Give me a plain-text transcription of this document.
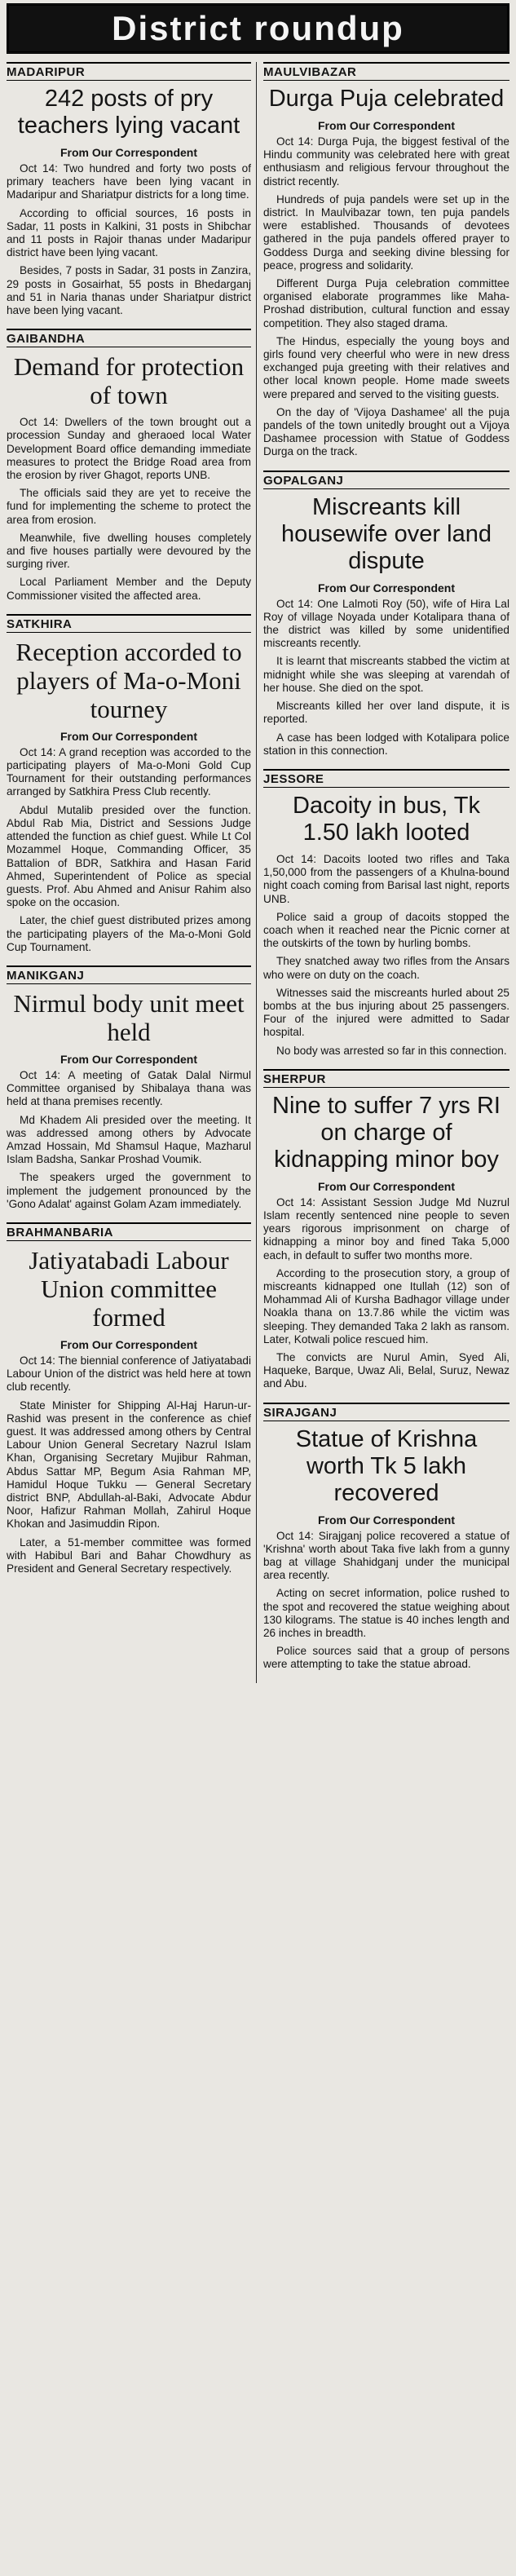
District roundup
MADARIPUR
242 posts of pry teachers lying vacant
From Our Correspondent

Oct 14: Two hundred and forty two posts of primary teachers have been lying vacant in Madaripur and Shariatpur districts for a long time.

According to official sources, 16 posts in Sadar, 11 posts in Kalkini, 31 posts in Shibchar and 11 posts in Rajoir thanas under Madaripur district have been lying vacant.

Besides, 7 posts in Sadar, 31 posts in Zanzira, 29 posts in Gosairhat, 55 posts in Bhedarganj and 51 in Naria thanas under Shariatpur district have been lying vacant.

GAIBANDHA
Demand for protection of town

Oct 14: Dwellers of the town brought out a procession Sunday and gheraoed local Water Development Board office demanding immediate measures to protect the Bridge Road area from the erosion by river Ghagot, reports UNB.

The officials said they are yet to receive the fund for implementing the scheme to protect the area from erosion.

Meanwhile, five dwelling houses completely and five houses partially were devoured by the surging river.

Local Parliament Member and the Deputy Commissioner visited the affected area.

SATKHIRA
Reception accorded to players of Ma-o-Moni tourney
From Our Correspondent

Oct 14: A grand reception was accorded to the participating players of Ma-o-Moni Gold Cup Tournament for their outstanding performances arranged by Satkhira Press Club recently.

Abdul Mutalib presided over the function. Abdul Rab Mia, District and Sessions Judge attended the function as chief guest. While Lt Col Mozammel Hoque, Commanding Officer, 35 Battalion of BDR, Satkhira and Hasan Farid Ahmed, Superintendent of Police as special guests. Prof. Abu Ahmed and Anisur Rahim also spoke on the occasion.

Later, the chief guest distributed prizes among the participating players of the Ma-o-Moni Gold Cup Tournament.

MANIKGANJ
Nirmul body unit meet held
From Our Correspondent

Oct 14: A meeting of Gatak Dalal Nirmul Committee organised by Shibalaya thana was held at thana premises recently.

Md Khadem Ali presided over the meeting. It was addressed among others by Advocate Amzad Hossain, Md Shamsul Haque, Mazharul Islam Badsha, Sankar Proshad Voumik.

The speakers urged the government to implement the judgement pronounced by the 'Gono Adalat' against Golam Azam immediately.

BRAHMANBARIA
Jatiyatabadi Labour Union committee formed
From Our Correspondent

Oct 14: The biennial conference of Jatiyatabadi Labour Union of the district was held here at town club recently.

State Minister for Shipping Al-Haj Harun-ur-Rashid was present in the conference as chief guest. It was addressed among others by Central Labour Union General Secretary Nazrul Islam Khan, Organising Secretary Mujibur Rahman, Abdus Sattar MP, Begum Asia Rahman MP, Hamidul Hoque Tukku — General Secretary district BNP, Abdullah-al-Baki, Advocate Abdur Noor, Hafizur Rahman Mollah, Zahirul Hoque Khokan and Jasimuddin Ripon.

Later, a 51-member committee was formed with Habibul Bari and Bahar Chowdhury as President and General Secretary respectively.

MAULVIBAZAR
Durga Puja celebrated
From Our Correspondent

Oct 14: Durga Puja, the biggest festival of the Hindu community was celebrated here with great enthusiasm and religious fervour throughout the district recently.

Hundreds of puja pandels were set up in the district. In Maulvibazar town, ten puja pandels were established. Thousands of devotees gathered in the puja pandels offered prayer to Goddess Durga and seeking divine blessing for peace, progress and solidarity.

Different Durga Puja celebration committee organised elaborate programmes like Maha-Proshad distribution, cultural function and essay competition. They also staged drama.

The Hindus, especially the young boys and girls found very cheerful who were in new dress exchanged puja greeting with their relatives and other local known people. Home made sweets were prepared and served to the visiting guests.

On the day of 'Vijoya Dashamee' all the puja pandels of the town unitedly brought out a Vijoya Dashamee procession with Statue of Goddess Durga on the track.

GOPALGANJ
Miscreants kill housewife over land dispute
From Our Correspondent

Oct 14: One Lalmoti Roy (50), wife of Hira Lal Roy of village Noyada under Kotalipara thana of the district was killed by some unidentified miscreants recently.

It is learnt that miscreants stabbed the victim at midnight while she was sleeping at varendah of her house. She died on the spot.

Miscreants killed her over land dispute, it is reported.

A case has been lodged with Kotalipara police station in this connection.

JESSORE
Dacoity in bus, Tk 1.50 lakh looted

Oct 14: Dacoits looted two rifles and Taka 1,50,000 from the passengers of a Khulna-bound night coach coming from Barisal last night, reports UNB.

Police said a group of dacoits stopped the coach when it reached near the Picnic corner at the outskirts of the town by hurling bombs.

They snatched away two rifles from the Ansars who were on duty on the coach.

Witnesses said the miscreants hurled about 25 bombs at the bus injuring about 25 passengers. Four of the injured were admitted to Sadar hospital.

No body was arrested so far in this connection.

SHERPUR
Nine to suffer 7 yrs RI on charge of kidnapping minor boy
From Our Correspondent

Oct 14: Assistant Session Judge Md Nuzrul Islam recently sentenced nine people to seven years rigorous imprisonment on charge of kidnapping a minor boy and fined Taka 5,000 each, in default to suffer two months more.

According to the prosecution story, a group of miscreants kidnapped one Itullah (12) son of Mohammad Ali of Kursha Badhagor village under Noakla thana on 13.7.86 while the victim was sleeping. They demanded Taka 2 lakh as ransom. Later, Kotwali police rescued him.

The convicts are Nurul Amin, Syed Ali, Haqueke, Barque, Uwaz Ali, Belal, Suruz, Newaz and Abu.

SIRAJGANJ
Statue of Krishna worth Tk 5 lakh recovered
From Our Correspondent

Oct 14: Sirajganj police recovered a statue of 'Krishna' worth about Taka five lakh from a gunny bag at village Shahidganj under the municipal area recently.

Acting on secret information, police rushed to the spot and recovered the statue weighing about 130 kilograms. The statue is 40 inches length and 26 inches in breadth.

Police sources said that a group of persons were attempting to take the statue abroad.
